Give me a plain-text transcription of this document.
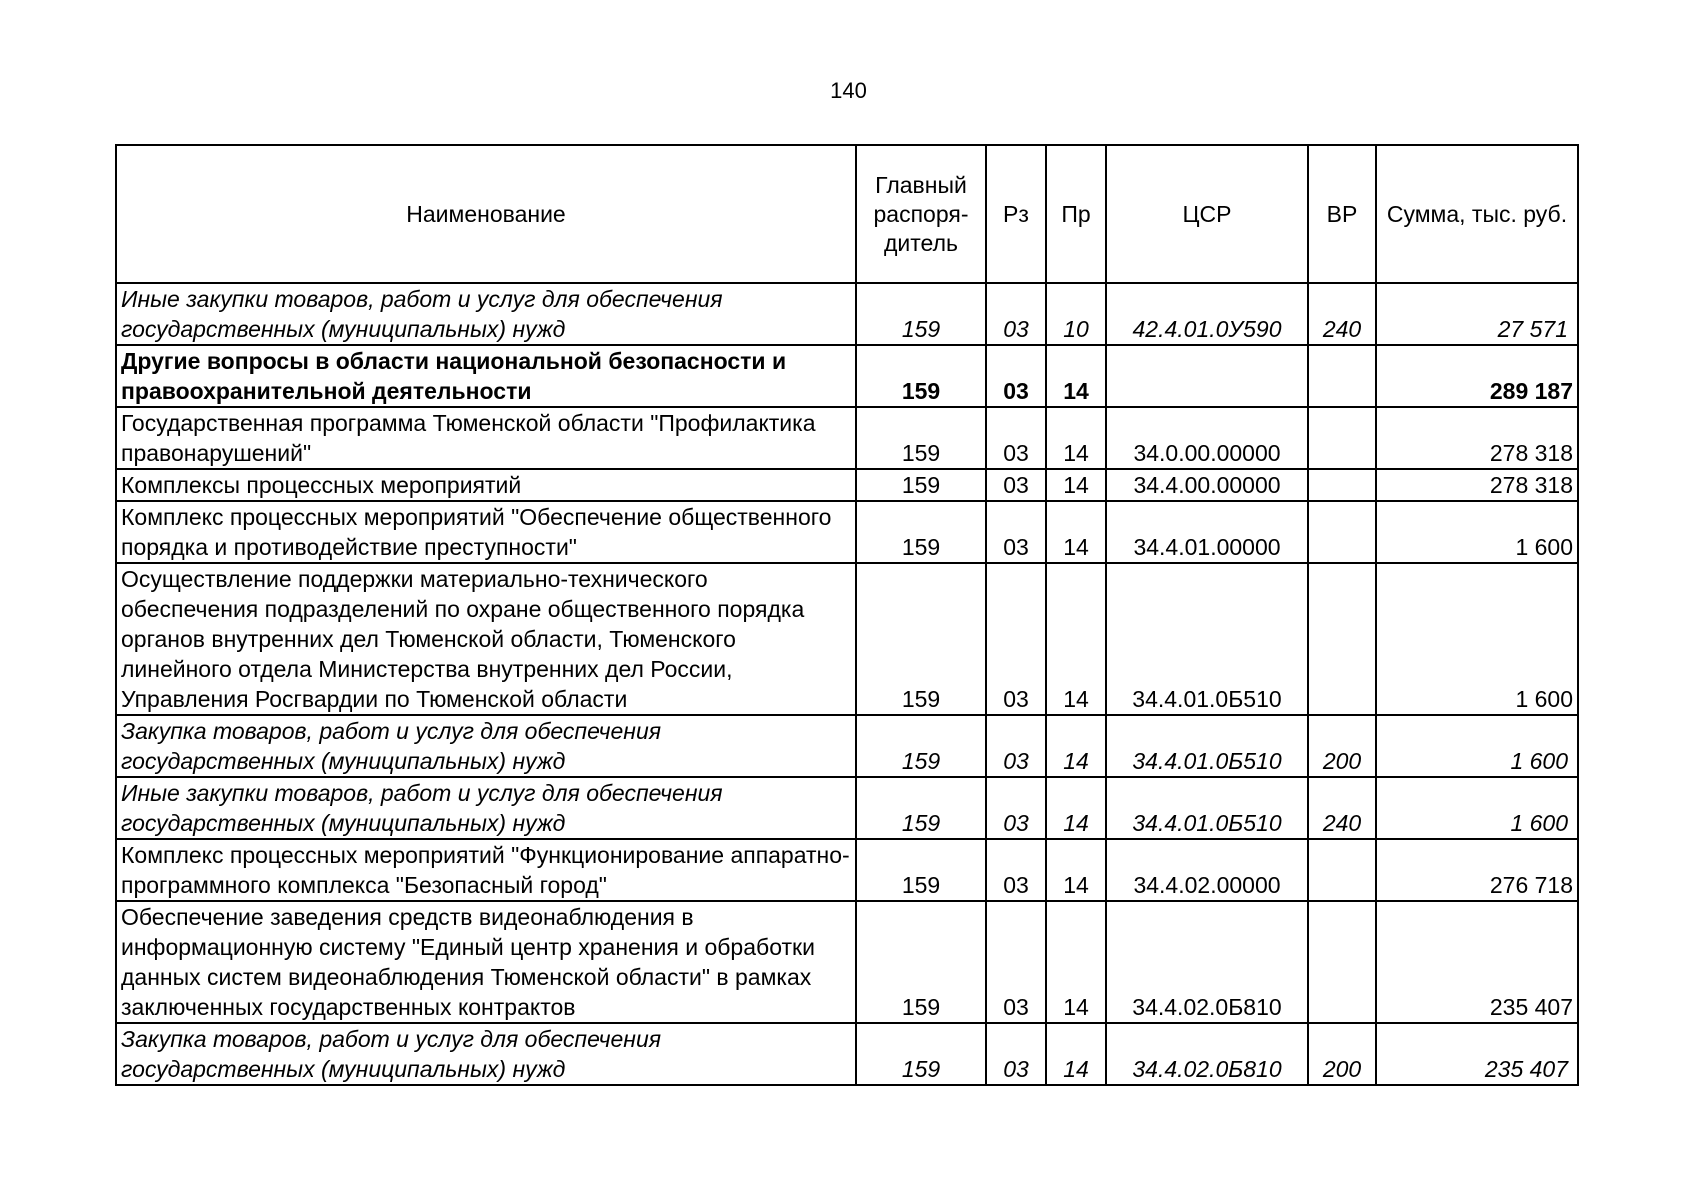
140
Наименование	Главный распоря-дитель	Рз	Пр	ЦСР	ВР	Сумма, тыс. руб.
Иные закупки товаров, работ и услуг для обеспечения государственных (муниципальных) нужд	159	03	10	42.4.01.0У590	240	27 571
Другие вопросы в области национальной безопасности и правоохранительной деятельности	159	03	14			289 187
Государственная программа Тюменской области "Профилактика правонарушений"	159	03	14	34.0.00.00000		278 318
Комплексы процессных мероприятий	159	03	14	34.4.00.00000		278 318
Комплекс процессных мероприятий "Обеспечение общественного порядка и противодействие преступности"	159	03	14	34.4.01.00000		1 600
Осуществление поддержки материально-технического обеспечения подразделений по охране общественного порядка органов внутренних дел Тюменской области, Тюменского линейного отдела Министерства внутренних дел России, Управления Росгвардии по Тюменской области	159	03	14	34.4.01.0Б510		1 600
Закупка товаров, работ и услуг для обеспечения государственных (муниципальных) нужд	159	03	14	34.4.01.0Б510	200	1 600
Иные закупки товаров, работ и услуг для обеспечения государственных (муниципальных) нужд	159	03	14	34.4.01.0Б510	240	1 600
Комплекс процессных мероприятий "Функционирование аппаратно-программного комплекса "Безопасный город"	159	03	14	34.4.02.00000		276 718
Обеспечение заведения средств видеонаблюдения в информационную систему "Единый центр хранения и обработки данных систем видеонаблюдения Тюменской области" в рамках заключенных государственных контрактов	159	03	14	34.4.02.0Б810		235 407
Закупка товаров, работ и услуг для обеспечения государственных (муниципальных) нужд	159	03	14	34.4.02.0Б810	200	235 407
